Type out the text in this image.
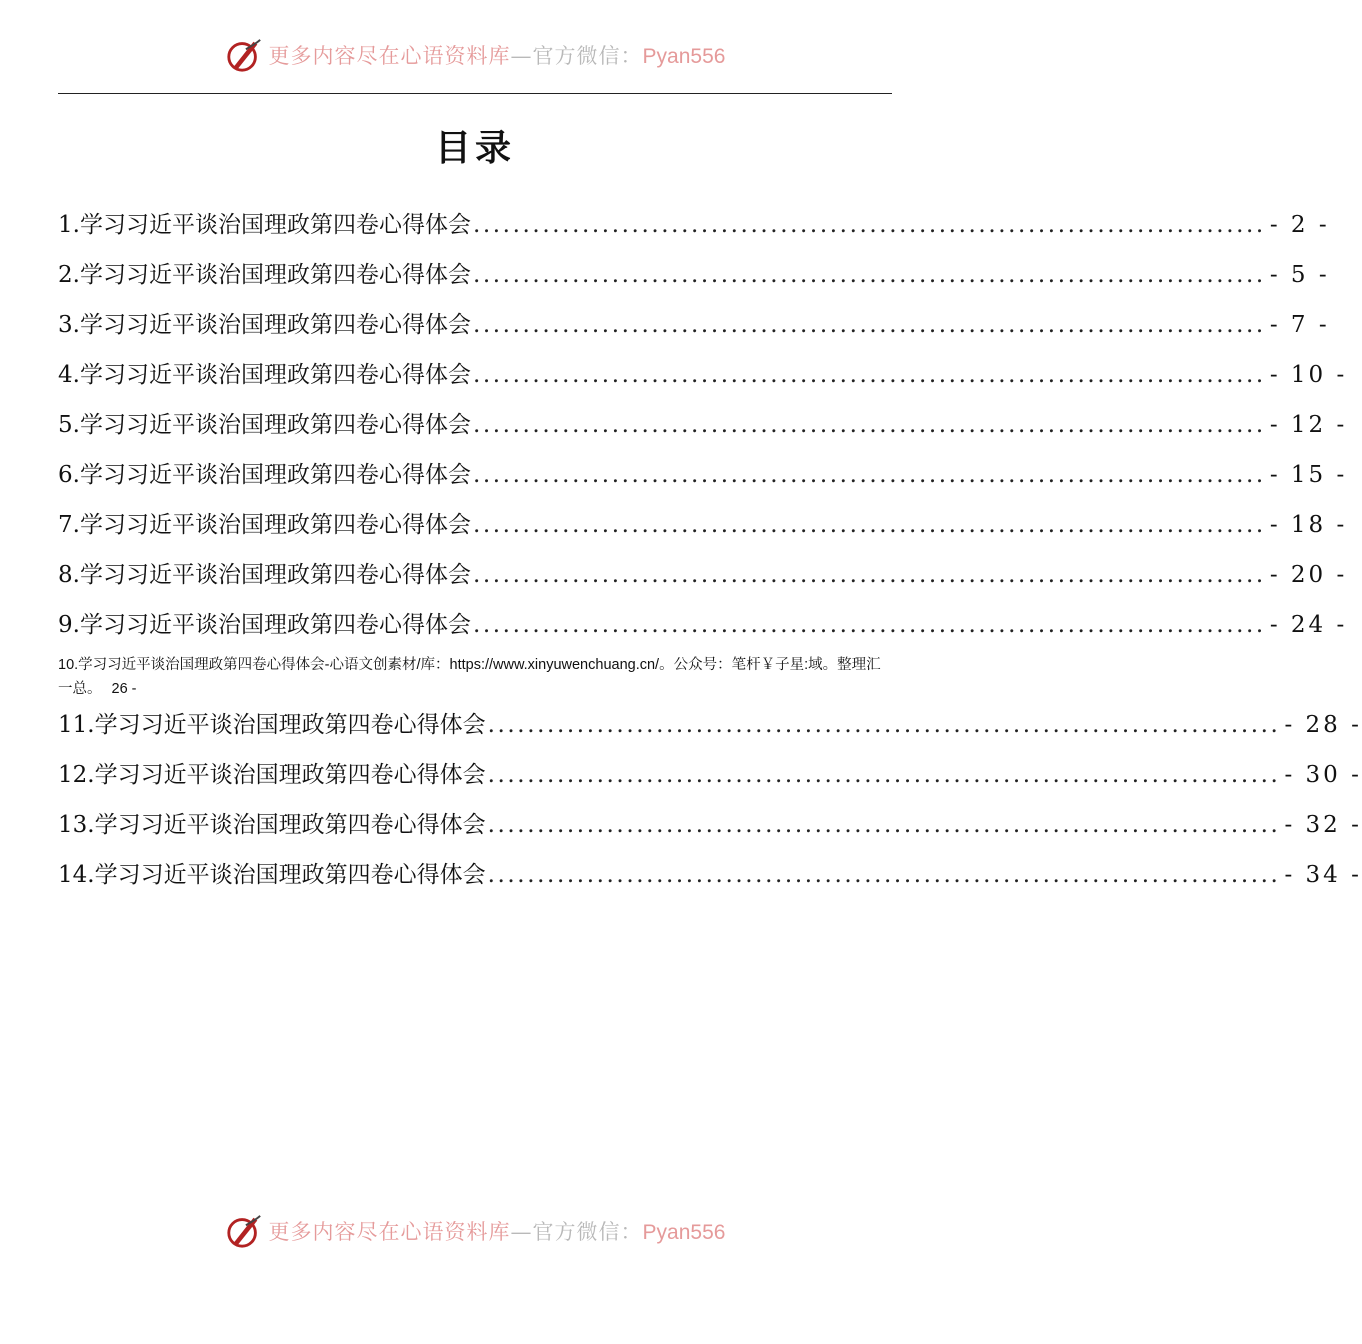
更多内容尽在心语资料库—官方微信：Pyan556
目录
1.学习习近平谈治国理政第四卷心得体会 ................................................................................ - 2 -
2.学习习近平谈治国理政第四卷心得体会 ................................................................................ - 5 -
3.学习习近平谈治国理政第四卷心得体会 ................................................................................ - 7 -
4.学习习近平谈治国理政第四卷心得体会 ................................................................................ - 10 -
5.学习习近平谈治国理政第四卷心得体会 ................................................................................ - 12 -
6.学习习近平谈治国理政第四卷心得体会 ................................................................................ - 15 -
7.学习习近平谈治国理政第四卷心得体会 ................................................................................ - 18 -
8.学习习近平谈治国理政第四卷心得体会 ................................................................................ - 20 -
9.学习习近平谈治国理政第四卷心得体会 ................................................................................ - 24 -
10.学习习近平谈治国理政第四卷心得体会-心语文创素材/库：https://www.xinyuwenchuang.cn/。公众号：笔杆￥子星:域。整理汇一总。 26 -
11.学习习近平谈治国理政第四卷心得体会 ................................................................................ - 28 -
12.学习习近平谈治国理政第四卷心得体会 ................................................................................ - 30 -
13.学习习近平谈治国理政第四卷心得体会 ................................................................................ - 32 -
14.学习习近平谈治国理政第四卷心得体会 ................................................................................ - 34 -
更多内容尽在心语资料库—官方微信：Pyan556
